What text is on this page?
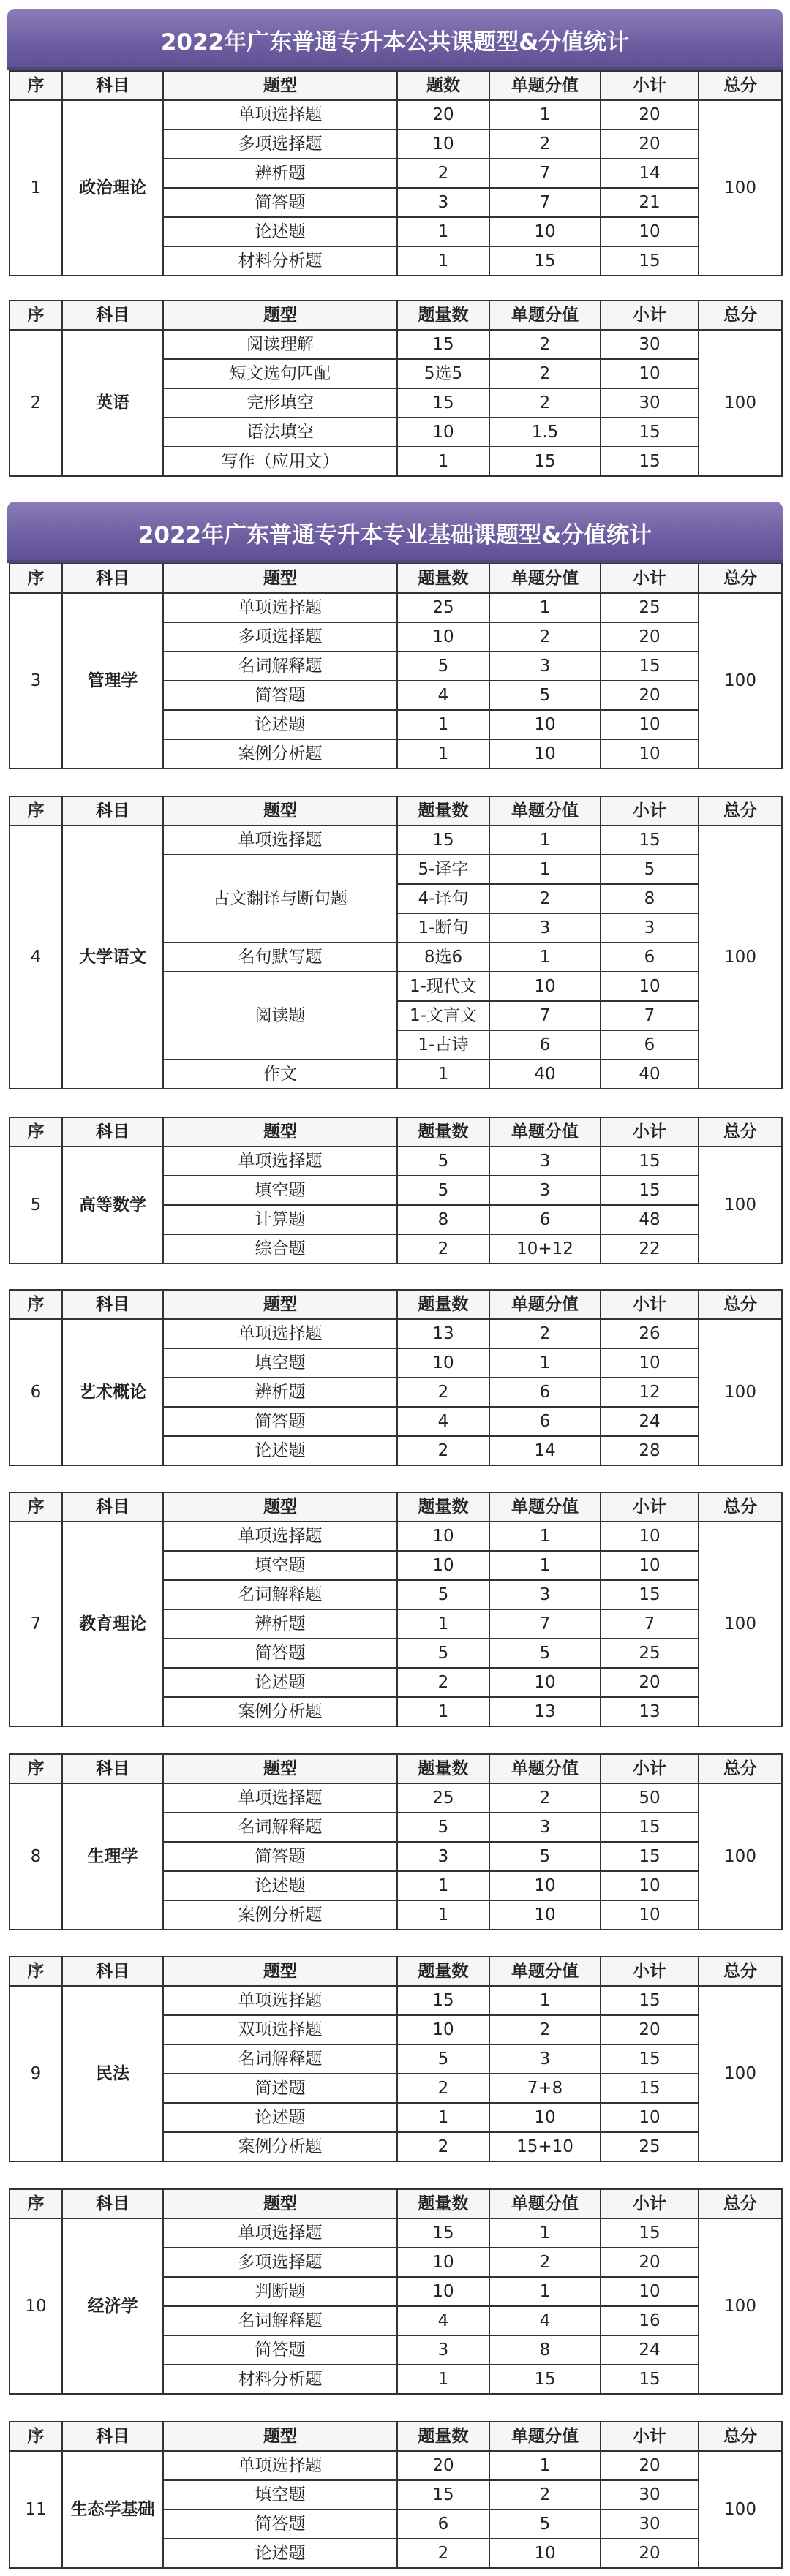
2022年广东普通专升本公共课题型&分值统计
序	科目	题型	题数	单题分值	小计	总分
1	政治理论	单项选择题	20	1	20	100
		多项选择题	10	2	20	
		辨析题	2	7	14	
		简答题	3	7	21	
		论述题	1	10	10	
		材料分析题	1	15	15	
序	科目	题型	题量数	单题分值	小计	总分
2	英语	阅读理解	15	2	30	100
		短文选句匹配	5选5	2	10	
		完形填空	15	2	30	
		语法填空	10	1.5	15	
		写作（应用文）	1	15	15	
2022年广东普通专升本专业基础课题型&分值统计
序	科目	题型	题量数	单题分值	小计	总分
3	管理学	单项选择题	25	1	25	100
		多项选择题	10	2	20	
		名词解释题	5	3	15	
		简答题	4	5	20	
		论述题	1	10	10	
		案例分析题	1	10	10	
序	科目	题型	题量数	单题分值	小计	总分
4	大学语文	单项选择题	15	1	15	100
		古文翻译与断句题	5-译字	1	5	
			4-译句	2	8	
			1-断句	3	3	
		名句默写题	8选6	1	6	
		阅读题	1-现代文	10	10	
			1-文言文	7	7	
			1-古诗	6	6	
		作文	1	40	40	
序	科目	题型	题量数	单题分值	小计	总分
5	高等数学	单项选择题	5	3	15	100
		填空题	5	3	15	
		计算题	8	6	48	
		综合题	2	10+12	22	
序	科目	题型	题量数	单题分值	小计	总分
6	艺术概论	单项选择题	13	2	26	100
		填空题	10	1	10	
		辨析题	2	6	12	
		简答题	4	6	24	
		论述题	2	14	28	
序	科目	题型	题量数	单题分值	小计	总分
7	教育理论	单项选择题	10	1	10	100
		填空题	10	1	10	
		名词解释题	5	3	15	
		辨析题	1	7	7	
		简答题	5	5	25	
		论述题	2	10	20	
		案例分析题	1	13	13	
序	科目	题型	题量数	单题分值	小计	总分
8	生理学	单项选择题	25	2	50	100
		名词解释题	5	3	15	
		简答题	3	5	15	
		论述题	1	10	10	
		案例分析题	1	10	10	
序	科目	题型	题量数	单题分值	小计	总分
9	民法	单项选择题	15	1	15	100
		双项选择题	10	2	20	
		名词解释题	5	3	15	
		简述题	2	7+8	15	
		论述题	1	10	10	
		案例分析题	2	15+10	25	
序	科目	题型	题量数	单题分值	小计	总分
10	经济学	单项选择题	15	1	15	100
		多项选择题	10	2	20	
		判断题	10	1	10	
		名词解释题	4	4	16	
		简答题	3	8	24	
		材料分析题	1	15	15	
序	科目	题型	题量数	单题分值	小计	总分
11	生态学基础	单项选择题	20	1	20	100
		填空题	15	2	30	
		简答题	6	5	30	
		论述题	2	10	20	
